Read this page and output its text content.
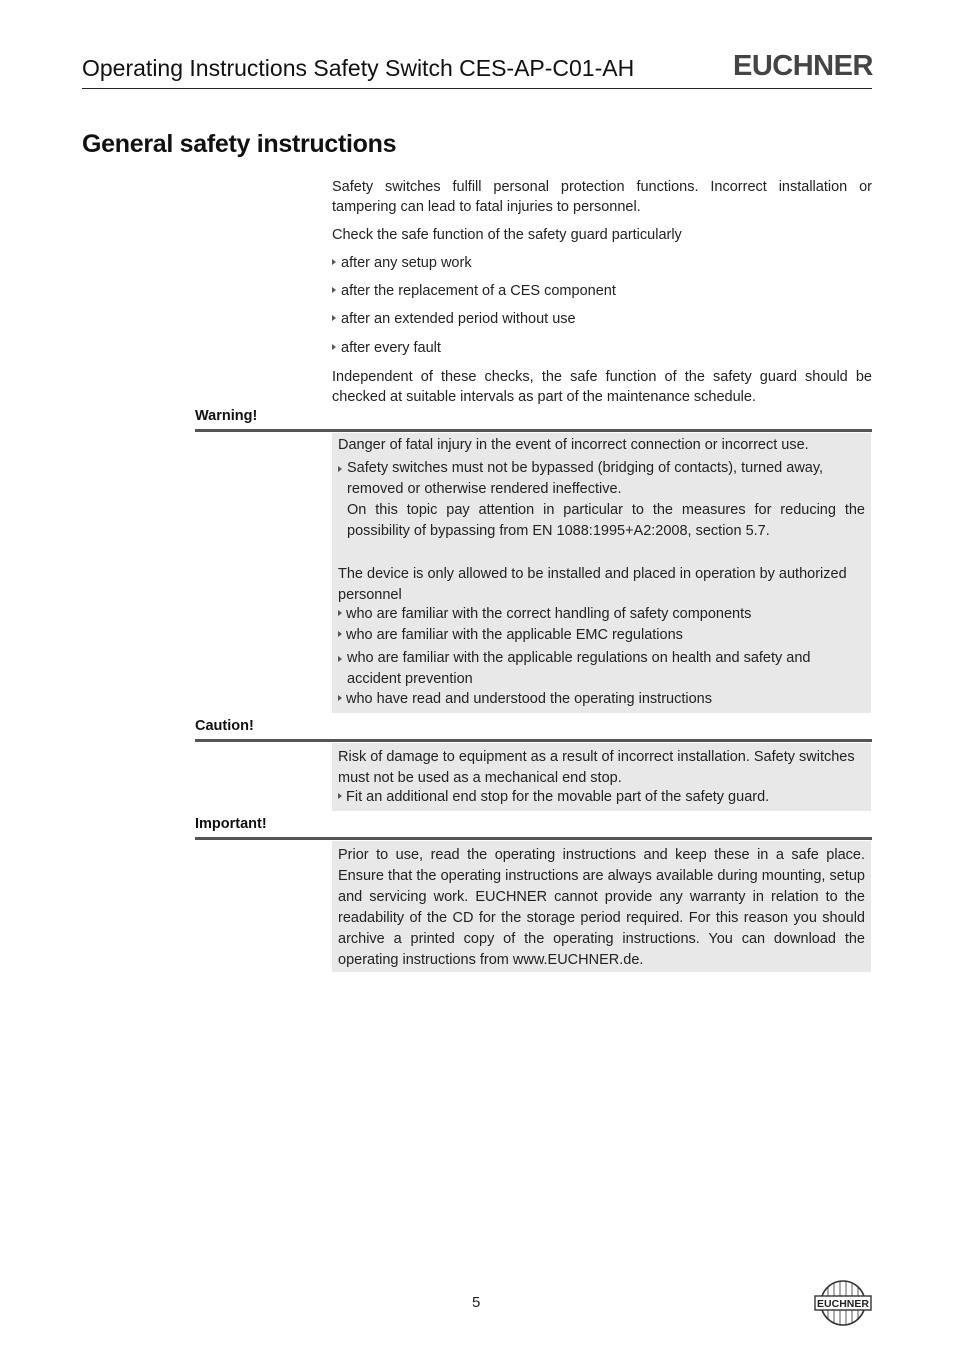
Operating Instructions Safety Switch CES-AP-C01-AH	EUCHNER
General safety instructions
Safety switches fulfill personal protection functions. Incorrect installation or tampering can lead to fatal injuries to personnel.
Check the safe function of the safety guard particularly
after any setup work
after the replacement of a CES component
after an extended period without use
after every fault
Independent of these checks, the safe function of the safety guard should be checked at suitable intervals as part of the maintenance schedule.
Warning!
Danger of fatal injury in the event of incorrect connection or incorrect use.
Safety switches must not be bypassed (bridging of contacts), turned away, removed or otherwise rendered ineffective.
On this topic pay attention in particular to the measures for reducing the possibility of bypassing from EN 1088:1995+A2:2008, section 5.7.
The device is only allowed to be installed and placed in operation by authorized personnel
who are familiar with the correct handling of safety components
who are familiar with the applicable EMC regulations
who are familiar with the applicable regulations on health and safety and accident prevention
who have read and understood the operating instructions
Caution!
Risk of damage to equipment as a result of incorrect installation. Safety switches must not be used as a mechanical end stop.
Fit an additional end stop for the movable part of the safety guard.
Important!
Prior to use, read the operating instructions and keep these in a safe place. Ensure that the operating instructions are always available during mounting, setup and servicing work. EUCHNER cannot provide any warranty in relation to the readability of the CD for the storage period required. For this reason you should archive a printed copy of the operating instructions. You can download the operating instructions from www.EUCHNER.de.
5	EUCHNER
